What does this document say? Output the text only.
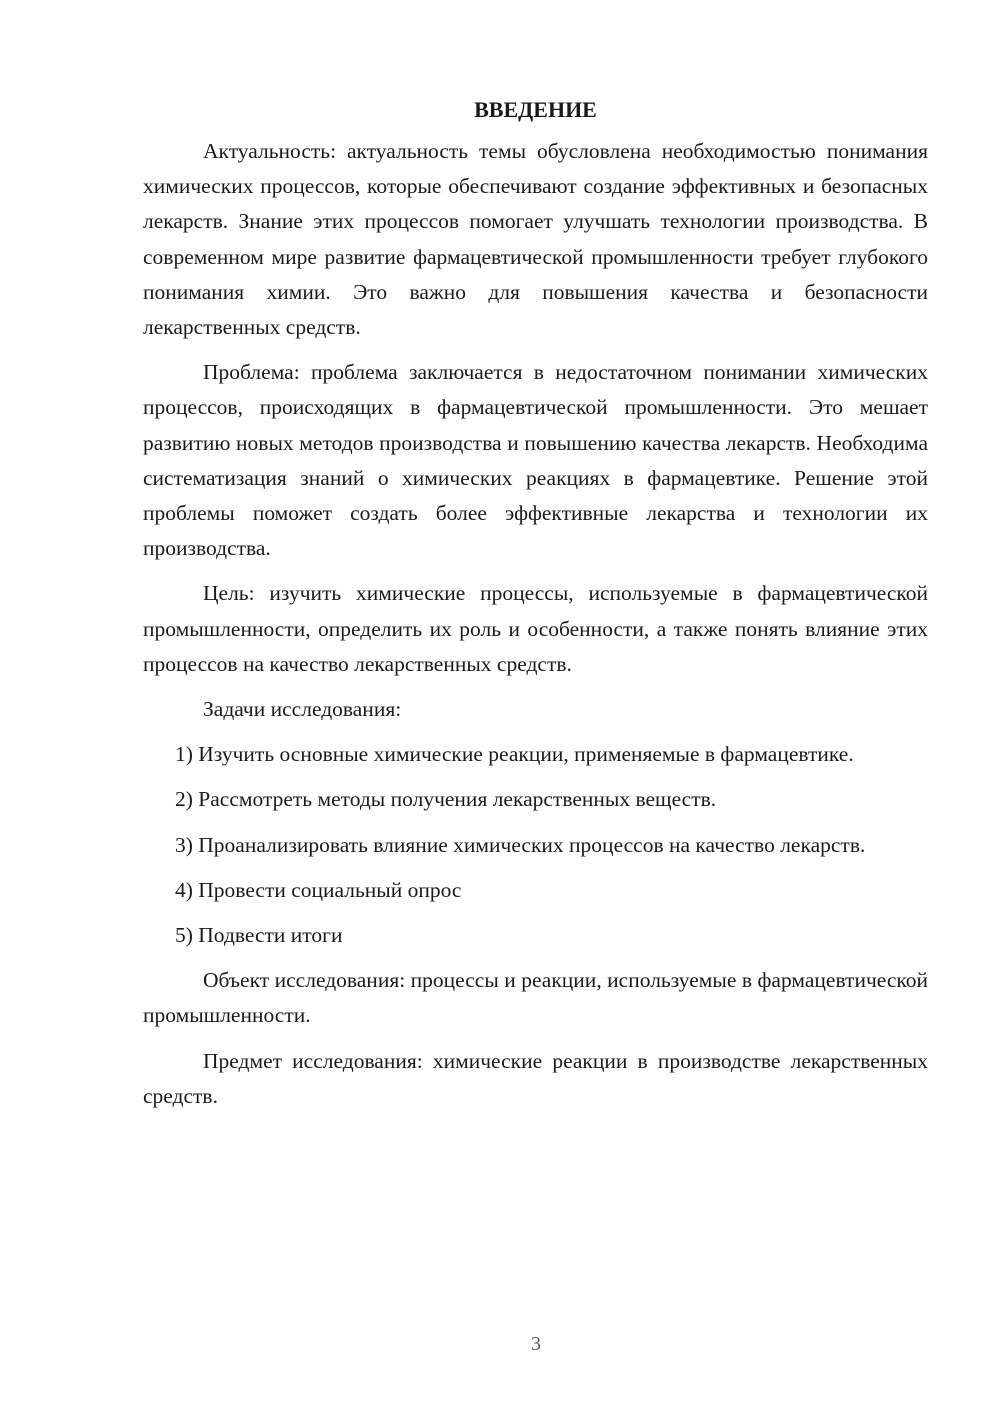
ВВЕДЕНИЕ

Актуальность: актуальность темы обусловлена необходимостью понимания химических процессов, которые обеспечивают создание эффективных и безопасных лекарств. Знание этих процессов помогает улучшать технологии производства. В современном мире развитие фармацевтической промышленности требует глубокого понимания химии. Это важно для повышения качества и безопасности лекарственных средств.

Проблема: проблема заключается в недостаточном понимании химических процессов, происходящих в фармацевтической промышленности. Это мешает развитию новых методов производства и повышению качества лекарств. Необходима систематизация знаний о химических реакциях в фармацевтике. Решение этой проблемы поможет создать более эффективные лекарства и технологии их производства.

Цель: изучить химические процессы, используемые в фармацевтической промышленности, определить их роль и особенности, а также понять влияние этих процессов на качество лекарственных средств.

Задачи исследования:

1) Изучить основные химические реакции, применяемые в фармацевтике.

2) Рассмотреть методы получения лекарственных веществ.

3) Проанализировать влияние химических процессов на качество лекарств.

4) Провести социальный опрос

5) Подвести итоги

Объект исследования: процессы и реакции, используемые в фармацевтической промышленности.

Предмет исследования: химические реакции в производстве лекарственных средств.

3
